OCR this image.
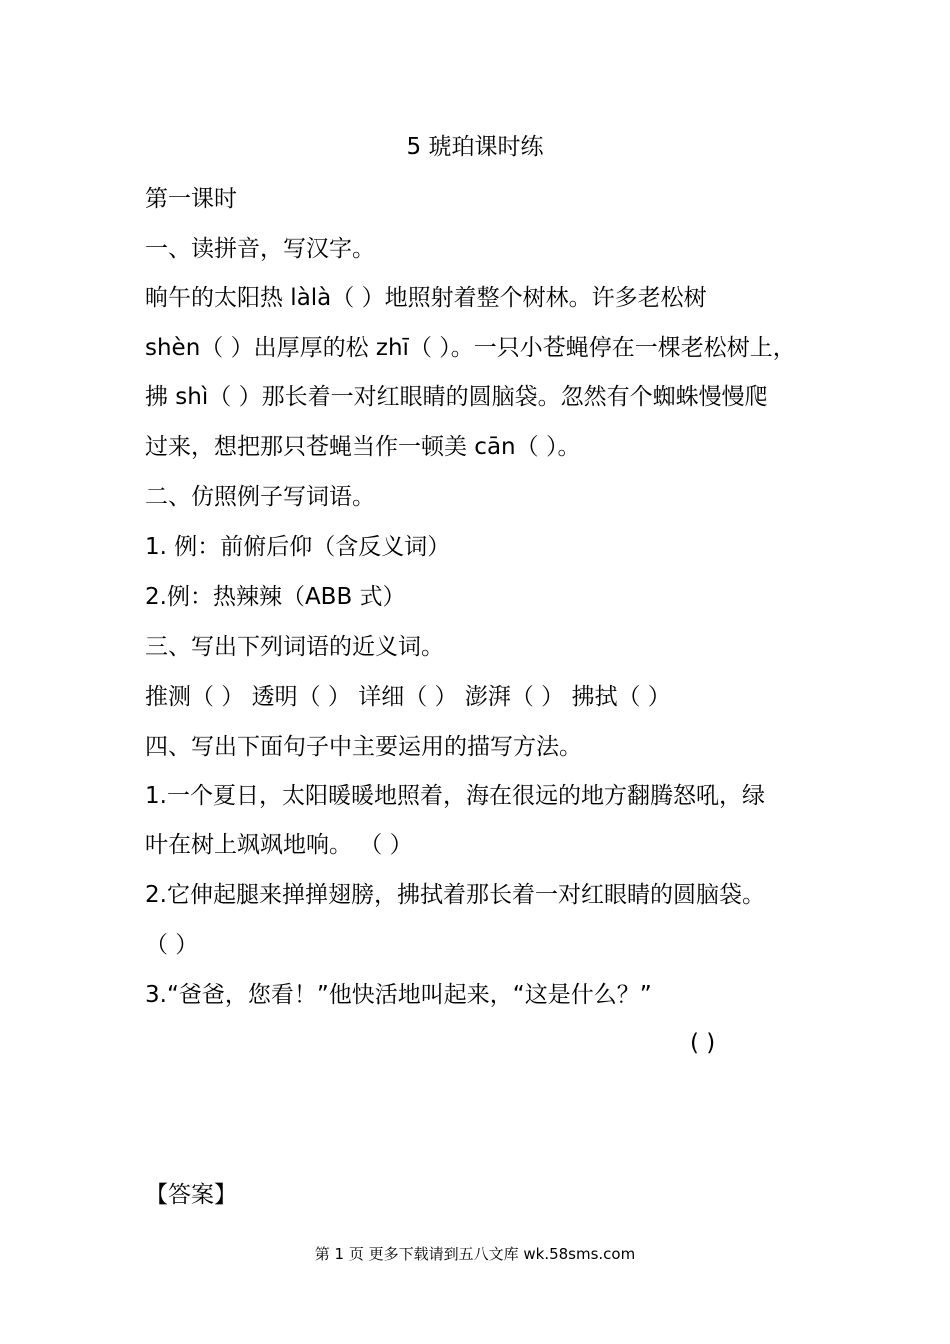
5 琥珀课时练
第一课时
一、读拼音，写汉字。
晌午的太阳热 làlà（ ）地照射着整个树林。许多老松树
shèn（ ）出厚厚的松 zhī（ ）。一只小苍蝇停在一棵老松树上，
拂 shì（ ）那长着一对红眼睛的圆脑袋。忽然有个蜘蛛慢慢爬
过来，想把那只苍蝇当作一顿美 cān（ ）。
二、仿照例子写词语。
1. 例：前俯后仰（含反义词）
2.例：热辣辣（ABB 式）
三、写出下列词语的近义词。
推测（ ） 透明（ ） 详细（ ） 澎湃（ ） 拂拭（ ）
四、写出下面句子中主要运用的描写方法。
1.一个夏日，太阳暖暖地照着，海在很远的地方翻腾怒吼，绿
叶在树上飒飒地响。 （ ）
2.它伸起腿来掸掸翅膀，拂拭着那长着一对红眼睛的圆脑袋。
（ ）
3.“爸爸，您看！”他快活地叫起来，“这是什么？”
( )
【答案】
第 1 页 更多下载请到五八文库 wk.58sms.com
